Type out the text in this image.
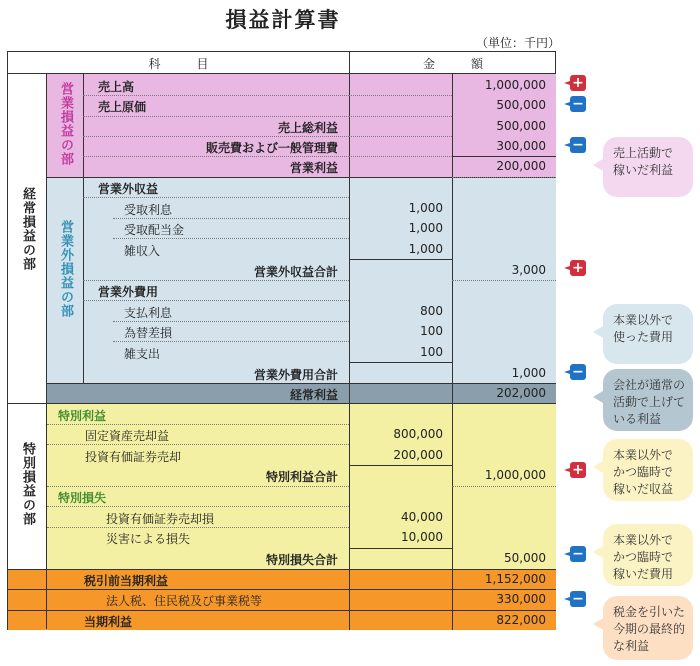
損益計算書
（単位：千円）
科　　　目	金　　　額
経常損益の部
営業損益の部
営業外損益の部
特別損益の部
売上高	1,000,000
売上原価	500,000
売上総利益	500,000
販売費および一般管理費	300,000
営業利益	200,000
営業外収益
受取利息	1,000
受取配当金	1,000
雑収入	1,000
営業外収益合計	3,000
営業外費用
支払利息	800
為替差損	100
雑支出	100
営業外費用合計	1,000
経常利益	202,000
特別利益
固定資産売却益	800,000
投資有価証券売却	200,000
特別利益合計	1,000,000
特別損失
投資有価証券売却損	40,000
災害による損失	10,000
特別損失合計	50,000
税引前当期利益	1,152,000
法人税、住民税及び事業税等	330,000
当期利益	822,000
+
−
−
+
−
+
−
−
売上活動で
稼いだ利益
本業以外で
使った費用
会社が通常の
活動で上げて
いる利益
本業以外で
かつ臨時で
稼いだ収益
本業以外で
かつ臨時で
稼いだ費用
税金を引いた
今期の最終的
な利益
